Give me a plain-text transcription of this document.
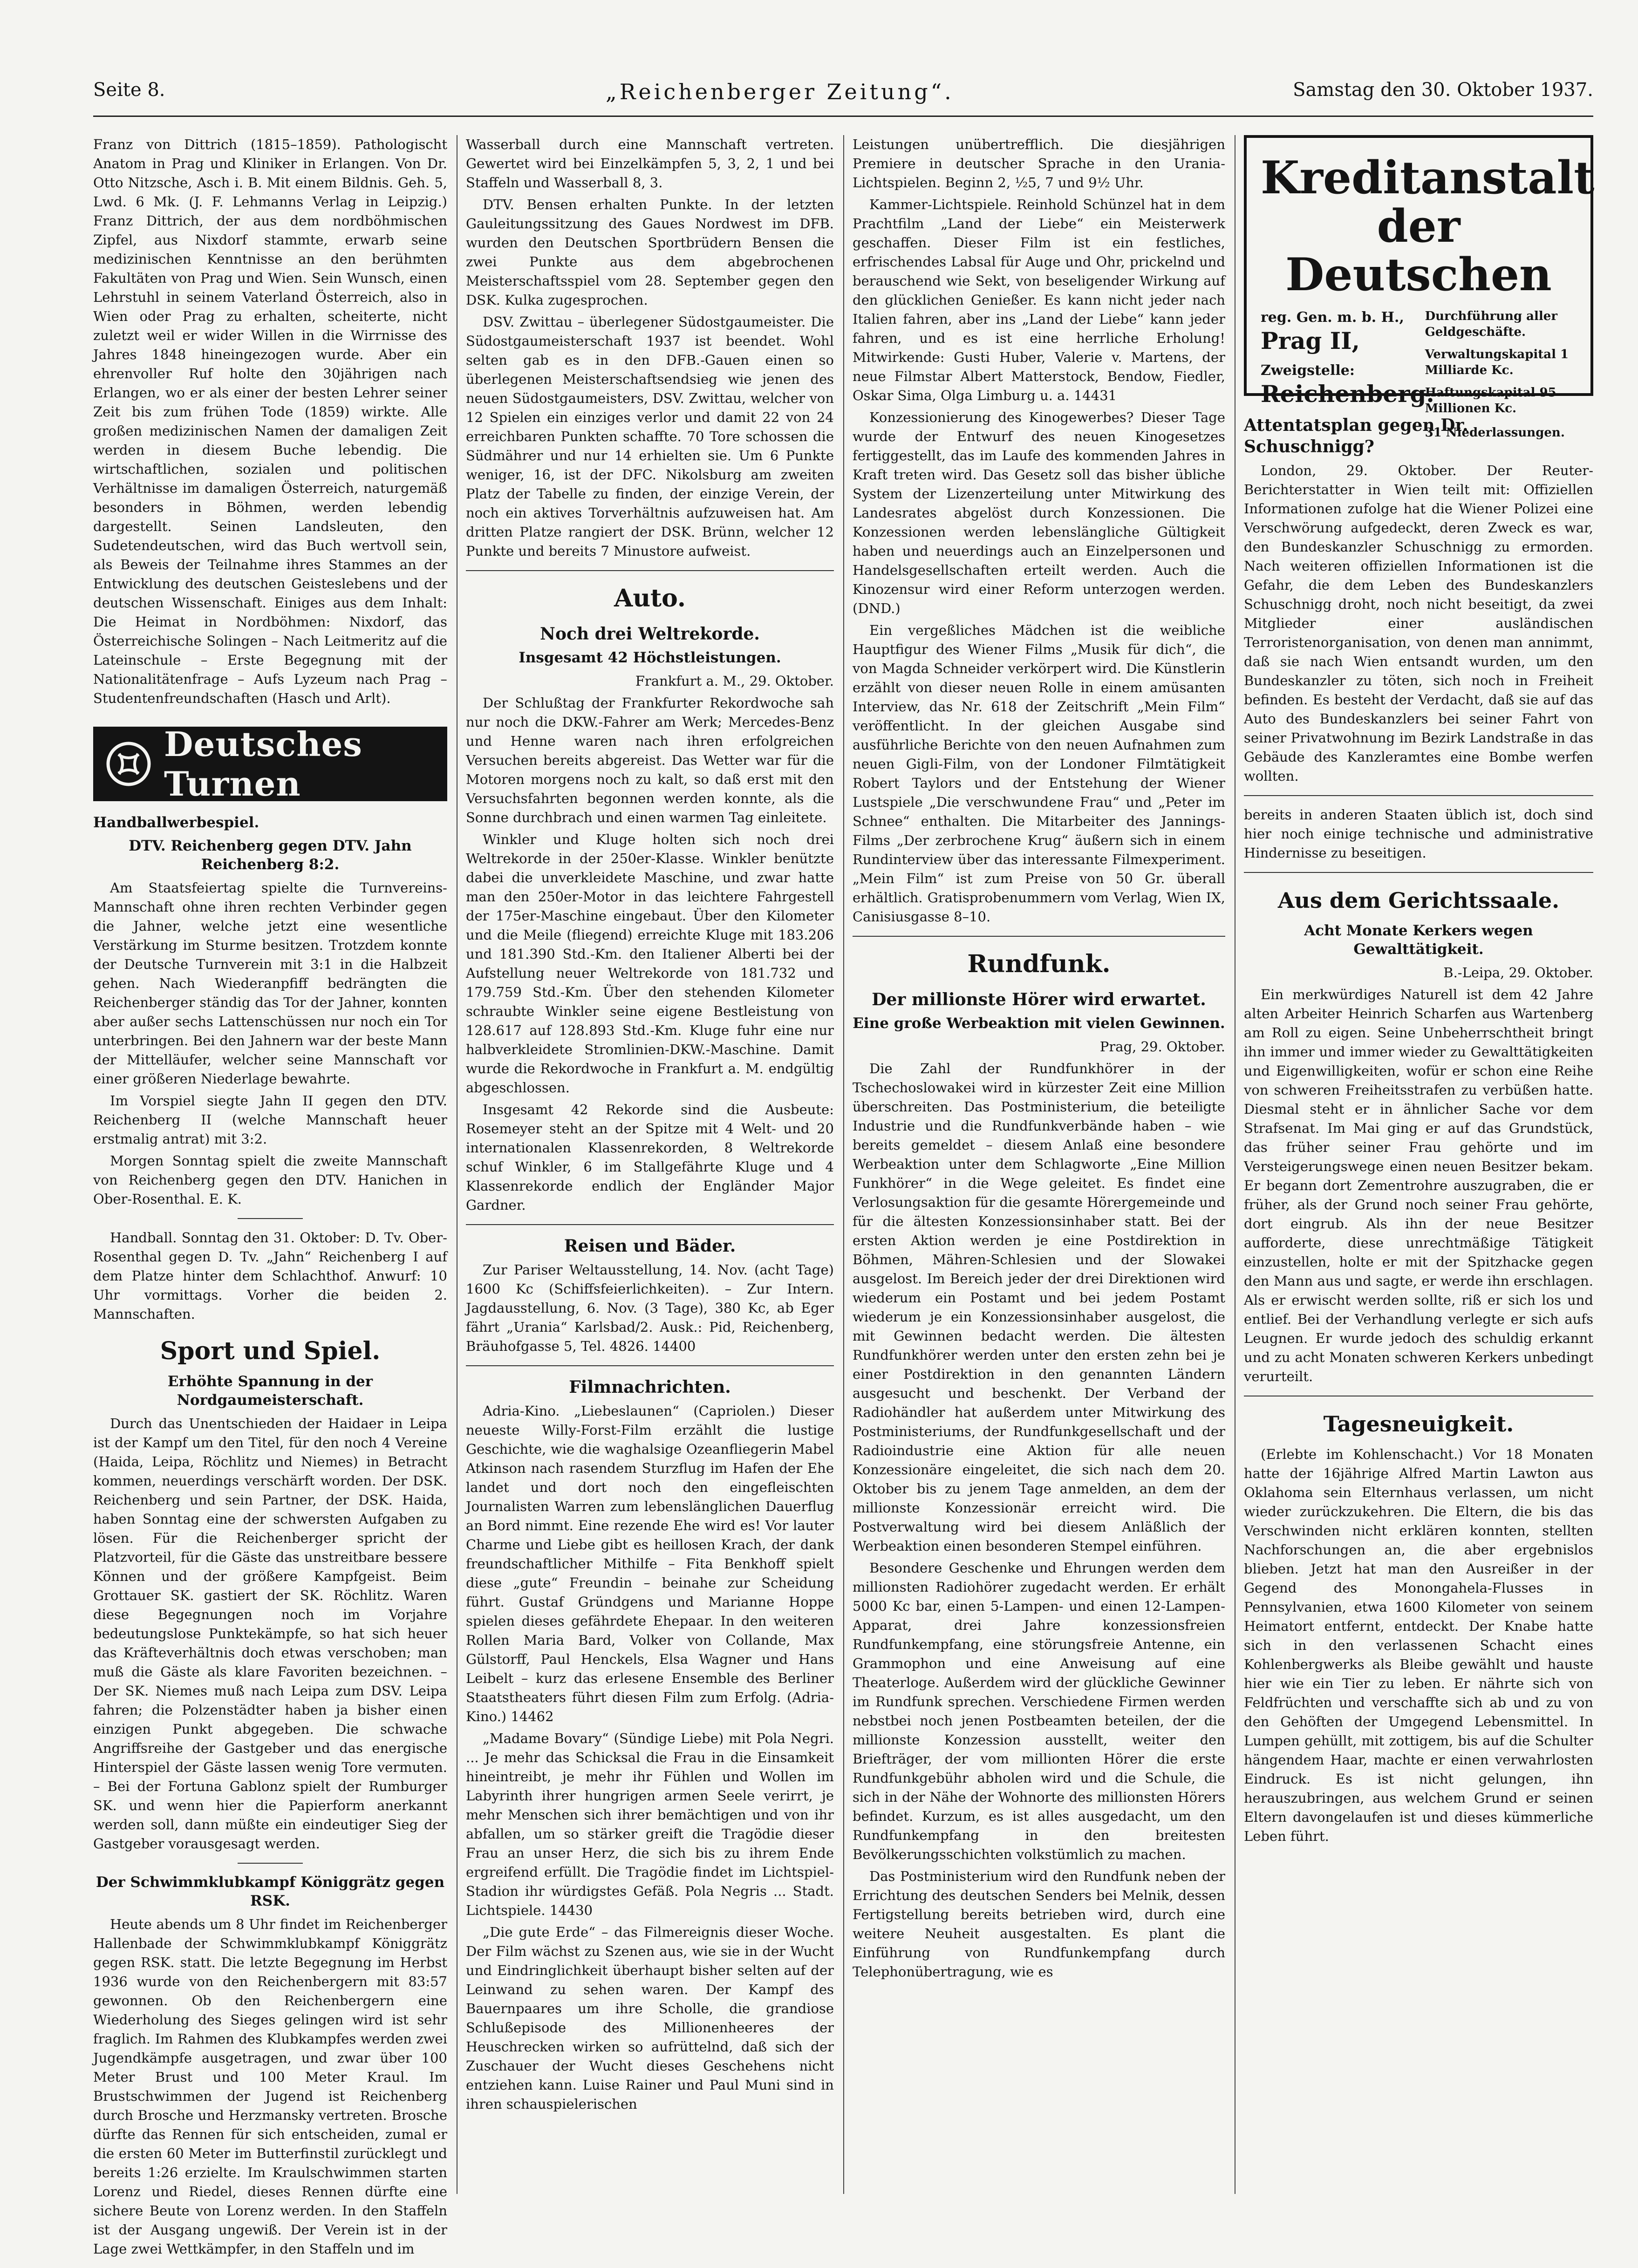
Seite 8.	„Reichenberger Zeitung“.	Samstag den 30. Oktober 1937.

Franz von Dittrich (1815–1859). Pathologischt Anatom in Prag und Kliniker in Erlangen. Von Dr. Otto Nitzsche, Asch i. B. Mit einem Bildnis. Geh. 5, Lwd. 6 Mk. (J. F. Lehmanns Verlag in Leipzig.) Franz Dittrich, der aus dem nordböhmischen Zipfel, aus Nixdorf stammte, erwarb seine medizinischen Kenntnisse an den berühmten Fakultäten von Prag und Wien. Sein Wunsch, einen Lehrstuhl in seinem Vaterland Österreich, also in Wien oder Prag zu erhalten, scheiterte, nicht zuletzt weil er wider Willen in die Wirrnisse des Jahres 1848 hineingezogen wurde. Aber ein ehrenvoller Ruf holte den 30jährigen nach Erlangen, wo er als einer der besten Lehrer seiner Zeit bis zum frühen Tode (1859) wirkte. Alle großen medizinischen Namen der damaligen Zeit werden in diesem Buche lebendig. Die wirtschaftlichen, sozialen und politischen Verhältnisse im damaligen Österreich, naturgemäß besonders in Böhmen, werden lebendig dargestellt. Seinen Landsleuten, den Sudetendeutschen, wird das Buch wertvoll sein, als Beweis der Teilnahme ihres Stammes an der Entwicklung des deutschen Geisteslebens und der deutschen Wissenschaft. Einiges aus dem Inhalt: Die Heimat in Nordböhmen: Nixdorf, das Österreichische Solingen – Nach Leitmeritz auf die Lateinschule – Erste Begegnung mit der Nationalitätenfrage – Aufs Lyzeum nach Prag – Studentenfreundschaften (Hasch und Arlt).

Deutsches Turnen
Handballwerbespiel.
DTV. Reichenberg gegen DTV. Jahn Reichenberg 8:2.

Am Staatsfeiertag spielte die Turnvereins-Mannschaft ohne ihren rechten Verbinder gegen die Jahner, welche jetzt eine wesentliche Verstärkung im Sturme besitzen. Trotzdem konnte der Deutsche Turnverein mit 3:1 in die Halbzeit gehen. Nach Wiederanpfiff bedrängten die Reichenberger ständig das Tor der Jahner, konnten aber außer sechs Lattenschüssen nur noch ein Tor unterbringen. Bei den Jahnern war der beste Mann der Mittelläufer, welcher seine Mannschaft vor einer größeren Niederlage bewahrte.

Im Vorspiel siegte Jahn II gegen den DTV. Reichenberg II (welche Mannschaft heuer erstmalig antrat) mit 3:2.

Morgen Sonntag spielt die zweite Mannschaft von Reichenberg gegen den DTV. Hanichen in Ober-Rosenthal. E. K.

Handball. Sonntag den 31. Oktober: D. Tv. Ober-Rosenthal gegen D. Tv. „Jahn“ Reichenberg I auf dem Platze hinter dem Schlachthof. Anwurf: 10 Uhr vormittags. Vorher die beiden 2. Mannschaften.

Sport und Spiel.
Erhöhte Spannung in der Nordgaumeisterschaft.

Durch das Unentschieden der Haidaer in Leipa ist der Kampf um den Titel, für den noch 4 Vereine (Haida, Leipa, Röchlitz und Niemes) in Betracht kommen, neuerdings verschärft worden. Der DSK. Reichenberg und sein Partner, der DSK. Haida, haben Sonntag eine der schwersten Aufgaben zu lösen. Für die Reichenberger spricht der Platzvorteil, für die Gäste das unstreitbare bessere Können und der größere Kampfgeist. Beim Grottauer SK. gastiert der SK. Röchlitz. Waren diese Begegnungen noch im Vorjahre bedeutungslose Punktekämpfe, so hat sich heuer das Kräfteverhältnis doch etwas verschoben; man muß die Gäste als klare Favoriten bezeichnen. – Der SK. Niemes muß nach Leipa zum DSV. Leipa fahren; die Polzenstädter haben ja bisher einen einzigen Punkt abgegeben. Die schwache Angriffsreihe der Gastgeber und das energische Hinterspiel der Gäste lassen wenig Tore vermuten. – Bei der Fortuna Gablonz spielt der Rumburger SK. und wenn hier die Papierform anerkannt werden soll, dann müßte ein eindeutiger Sieg der Gastgeber vorausgesagt werden.

Der Schwimmklubkampf Königgrätz gegen RSK.

Heute abends um 8 Uhr findet im Reichenberger Hallenbade der Schwimmklubkampf Königgrätz gegen RSK. statt. Die letzte Begegnung im Herbst 1936 wurde von den Reichenbergern mit 83:57 gewonnen. Ob den Reichenbergern eine Wiederholung des Sieges gelingen wird ist sehr fraglich. Im Rahmen des Klubkampfes werden zwei Jugendkämpfe ausgetragen, und zwar über 100 Meter Brust und 100 Meter Kraul. Im Brustschwimmen der Jugend ist Reichenberg durch Brosche und Herzmansky vertreten. Brosche dürfte das Rennen für sich entscheiden, zumal er die ersten 60 Meter im Butterfinstil zurücklegt und bereits 1:26 erzielte. Im Kraulschwimmen starten Lorenz und Riedel, dieses Rennen dürfte eine sichere Beute von Lorenz werden. In den Staffeln ist der Ausgang ungewiß. Der Verein ist in der Lage zwei Wettkämpfer, in den Staffeln und im

Wasserball durch eine Mannschaft vertreten. Gewertet wird bei Einzelkämpfen 5, 3, 2, 1 und bei Staffeln und Wasserball 8, 3.

DTV. Bensen erhalten Punkte. In der letzten Gauleitungssitzung des Gaues Nordwest im DFB. wurden den Deutschen Sportbrüdern Bensen die zwei Punkte aus dem abgebrochenen Meisterschaftsspiel vom 28. September gegen den DSK. Kulka zugesprochen.

DSV. Zwittau – überlegener Südostgaumeister. Die Südostgaumeisterschaft 1937 ist beendet. Wohl selten gab es in den DFB.-Gauen einen so überlegenen Meisterschaftsendsieg wie jenen des neuen Südostgaumeisters, DSV. Zwittau, welcher von 12 Spielen ein einziges verlor und damit 22 von 24 erreichbaren Punkten schaffte. 70 Tore schossen die Südmährer und nur 14 erhielten sie. Um 6 Punkte weniger, 16, ist der DFC. Nikolsburg am zweiten Platz der Tabelle zu finden, der einzige Verein, der noch ein aktives Torverhältnis aufzuweisen hat. Am dritten Platze rangiert der DSK. Brünn, welcher 12 Punkte und bereits 7 Minustore aufweist.

Auto.
Noch drei Weltrekorde.
Insgesamt 42 Höchstleistungen.

Frankfurt a. M., 29. Oktober.

Der Schlußtag der Frankfurter Rekordwoche sah nur noch die DKW.-Fahrer am Werk; Mercedes-Benz und Henne waren nach ihren erfolgreichen Versuchen bereits abgereist. Das Wetter war für die Motoren morgens noch zu kalt, so daß erst mit den Versuchsfahrten begonnen werden konnte, als die Sonne durchbrach und einen warmen Tag einleitete.

Winkler und Kluge holten sich noch drei Weltrekorde in der 250er-Klasse. Winkler benützte dabei die unverkleidete Maschine, und zwar hatte man den 250er-Motor in das leichtere Fahrgestell der 175er-Maschine eingebaut. Über den Kilometer und die Meile (fliegend) erreichte Kluge mit 183.206 und 181.390 Std.-Km. den Italiener Alberti bei der Aufstellung neuer Weltrekorde von 181.732 und 179.759 Std.-Km. Über den stehenden Kilometer schraubte Winkler seine eigene Bestleistung von 128.617 auf 128.893 Std.-Km. Kluge fuhr eine nur halbverkleidete Stromlinien-DKW.-Maschine. Damit wurde die Rekordwoche in Frankfurt a. M. endgültig abgeschlossen.

Insgesamt 42 Rekorde sind die Ausbeute: Rosemeyer steht an der Spitze mit 4 Welt- und 20 internationalen Klassenrekorden, 8 Weltrekorde schuf Winkler, 6 im Stallgefährte Kluge und 4 Klassenrekorde endlich der Engländer Major Gardner.

Reisen und Bäder.

Zur Pariser Weltausstellung, 14. Nov. (acht Tage) 1600 Kc (Schiffsfeierlichkeiten). – Zur Intern. Jagdausstellung, 6. Nov. (3 Tage), 380 Kc, ab Eger fährt „Urania“ Karlsbad/2. Ausk.: Pid, Reichenberg, Bräuhofgasse 5, Tel. 4826. 14400

Filmnachrichten.

Adria-Kino. „Liebeslaunen“ (Capriolen.) Dieser neueste Willy-Forst-Film erzählt die lustige Geschichte, wie die waghalsige Ozeanfliegerin Mabel Atkinson nach rasendem Sturzflug im Hafen der Ehe landet und dort noch den eingefleischten Journalisten Warren zum lebenslänglichen Dauerflug an Bord nimmt. Eine rezende Ehe wird es! Vor lauter Charme und Liebe gibt es heillosen Krach, der dank freundschaftlicher Mithilfe – Fita Benkhoff spielt diese „gute“ Freundin – beinahe zur Scheidung führt. Gustaf Gründgens und Marianne Hoppe spielen dieses gefährdete Ehepaar. In den weiteren Rollen Maria Bard, Volker von Collande, Max Gülstorff, Paul Henckels, Elsa Wagner und Hans Leibelt – kurz das erlesene Ensemble des Berliner Staatstheaters führt diesen Film zum Erfolg. (Adria-Kino.) 14462

„Madame Bovary“ (Sündige Liebe) mit Pola Negri. ... Je mehr das Schicksal die Frau in die Einsamkeit hineintreibt, je mehr ihr Fühlen und Wollen im Labyrinth ihrer hungrigen armen Seele verirrt, je mehr Menschen sich ihrer bemächtigen und von ihr abfallen, um so stärker greift die Tragödie dieser Frau an unser Herz, die sich bis zu ihrem Ende ergreifend erfüllt. Die Tragödie findet im Lichtspiel-Stadion ihr würdigstes Gefäß. Pola Negris ... Stadt. Lichtspiele. 14430

„Die gute Erde“ – das Filmereignis dieser Woche. Der Film wächst zu Szenen aus, wie sie in der Wucht und Eindringlichkeit überhaupt bisher selten auf der Leinwand zu sehen waren. Der Kampf des Bauernpaares um ihre Scholle, die grandiose Schlußepisode des Millionenheeres der Heuschrecken wirken so aufrüttelnd, daß sich der Zuschauer der Wucht dieses Geschehens nicht entziehen kann. Luise Rainer und Paul Muni sind in ihren schauspielerischen

Leistungen unübertrefflich. Die diesjährigen Premiere in deutscher Sprache in den Urania-Lichtspielen. Beginn 2, ½5, 7 und 9½ Uhr.

Kammer-Lichtspiele. Reinhold Schünzel hat in dem Prachtfilm „Land der Liebe“ ein Meisterwerk geschaffen. Dieser Film ist ein festliches, erfrischendes Labsal für Auge und Ohr, prickelnd und berauschend wie Sekt, von beseligender Wirkung auf den glücklichen Genießer. Es kann nicht jeder nach Italien fahren, aber ins „Land der Liebe“ kann jeder fahren, und es ist eine herrliche Erholung! Mitwirkende: Gusti Huber, Valerie v. Martens, der neue Filmstar Albert Matterstock, Bendow, Fiedler, Oskar Sima, Olga Limburg u. a. 14431

Konzessionierung des Kinogewerbes? Dieser Tage wurde der Entwurf des neuen Kinogesetzes fertiggestellt, das im Laufe des kommenden Jahres in Kraft treten wird. Das Gesetz soll das bisher übliche System der Lizenzerteilung unter Mitwirkung des Landesrates abgelöst durch Konzessionen. Die Konzessionen werden lebenslängliche Gültigkeit haben und neuerdings auch an Einzelpersonen und Handelsgesellschaften erteilt werden. Auch die Kinozensur wird einer Reform unterzogen werden. (DND.)

Ein vergeßliches Mädchen ist die weibliche Hauptfigur des Wiener Films „Musik für dich“, die von Magda Schneider verkörpert wird. Die Künstlerin erzählt von dieser neuen Rolle in einem amüsanten Interview, das Nr. 618 der Zeitschrift „Mein Film“ veröffentlicht. In der gleichen Ausgabe sind ausführliche Berichte von den neuen Aufnahmen zum neuen Gigli-Film, von der Londoner Filmtätigkeit Robert Taylors und der Entstehung der Wiener Lustspiele „Die verschwundene Frau“ und „Peter im Schnee“ enthalten. Die Mitarbeiter des Jannings-Films „Der zerbrochene Krug“ äußern sich in einem Rundinterview über das interessante Filmexperiment. „Mein Film“ ist zum Preise von 50 Gr. überall erhältlich. Gratisprobenummern vom Verlag, Wien IX, Canisiusgasse 8–10.

Rundfunk.
Der millionste Hörer wird erwartet.
Eine große Werbeaktion mit vielen Gewinnen.

Prag, 29. Oktober.

Die Zahl der Rundfunkhörer in der Tschechoslowakei wird in kürzester Zeit eine Million überschreiten. Das Postministerium, die beteiligte Industrie und die Rundfunkverbände haben – wie bereits gemeldet – diesem Anlaß eine besondere Werbeaktion unter dem Schlagworte „Eine Million Funkhörer“ in die Wege geleitet. Es findet eine Verlosungsaktion für die gesamte Hörergemeinde und für die ältesten Konzessionsinhaber statt. Bei der ersten Aktion werden je eine Postdirektion in Böhmen, Mähren-Schlesien und der Slowakei ausgelost. Im Bereich jeder der drei Direktionen wird wiederum ein Postamt und bei jedem Postamt wiederum je ein Konzessionsinhaber ausgelost, die mit Gewinnen bedacht werden. Die ältesten Rundfunkhörer werden unter den ersten zehn bei je einer Postdirektion in den genannten Ländern ausgesucht und beschenkt. Der Verband der Radiohändler hat außerdem unter Mitwirkung des Postministeriums, der Rundfunkgesellschaft und der Radioindustrie eine Aktion für alle neuen Konzessionäre eingeleitet, die sich nach dem 20. Oktober bis zu jenem Tage anmelden, an dem der millionste Konzessionär erreicht wird. Die Postverwaltung wird bei diesem Anläßlich der Werbeaktion einen besonderen Stempel einführen.

Besondere Geschenke und Ehrungen werden dem millionsten Radiohörer zugedacht werden. Er erhält 5000 Kc bar, einen 5-Lampen- und einen 12-Lampen-Apparat, drei Jahre konzessionsfreien Rundfunkempfang, eine störungsfreie Antenne, ein Grammophon und eine Anweisung auf eine Theaterloge. Außerdem wird der glückliche Gewinner im Rundfunk sprechen. Verschiedene Firmen werden nebstbei noch jenen Postbeamten beteilen, der die millionste Konzession ausstellt, weiter den Briefträger, der vom millionten Hörer die erste Rundfunkgebühr abholen wird und die Schule, die sich in der Nähe der Wohnorte des millionsten Hörers befindet. Kurzum, es ist alles ausgedacht, um den Rundfunkempfang in den breitesten Bevölkerungsschichten volkstümlich zu machen.

Das Postministerium wird den Rundfunk neben der Errichtung des deutschen Senders bei Melnik, dessen Fertigstellung bereits betrieben wird, durch eine weitere Neuheit ausgestalten. Es plant die Einführung von Rundfunkempfang durch Telephonübertragung, wie es

Kreditanstalt
der Deutschen
reg. Gen. m. b. H.,
Prag II,
Zweigstelle:
Reichenberg.
Durchführung aller Geldgeschäfte.
Verwaltungskapital 1 Milliarde Kc.
Haftungskapital 95 Millionen Kc.
31 Niederlassungen.
Attentatsplan gegen Dr. Schuschnigg?

London, 29. Oktober. Der Reuter-Berichterstatter in Wien teilt mit: Offiziellen Informationen zufolge hat die Wiener Polizei eine Verschwörung aufgedeckt, deren Zweck es war, den Bundeskanzler Schuschnigg zu ermorden. Nach weiteren offiziellen Informationen ist die Gefahr, die dem Leben des Bundeskanzlers Schuschnigg droht, noch nicht beseitigt, da zwei Mitglieder einer ausländischen Terroristenorganisation, von denen man annimmt, daß sie nach Wien entsandt wurden, um den Bundeskanzler zu töten, sich noch in Freiheit befinden. Es besteht der Verdacht, daß sie auf das Auto des Bundeskanzlers bei seiner Fahrt von seiner Privatwohnung im Bezirk Landstraße in das Gebäude des Kanzleramtes eine Bombe werfen wollten.

bereits in anderen Staaten üblich ist, doch sind hier noch einige technische und administrative Hindernisse zu beseitigen.

Aus dem Gerichtssaale.
Acht Monate Kerkers wegen Gewalttätigkeit.

B.-Leipa, 29. Oktober.

Ein merkwürdiges Naturell ist dem 42 Jahre alten Arbeiter Heinrich Scharfen aus Wartenberg am Roll zu eigen. Seine Unbeherrschtheit bringt ihn immer und immer wieder zu Gewalttätigkeiten und Eigenwilligkeiten, wofür er schon eine Reihe von schweren Freiheitsstrafen zu verbüßen hatte. Diesmal steht er in ähnlicher Sache vor dem Strafsenat. Im Mai ging er auf das Grundstück, das früher seiner Frau gehörte und im Versteigerungswege einen neuen Besitzer bekam. Er begann dort Zementrohre auszugraben, die er früher, als der Grund noch seiner Frau gehörte, dort eingrub. Als ihn der neue Besitzer aufforderte, diese unrechtmäßige Tätigkeit einzustellen, holte er mit der Spitzhacke gegen den Mann aus und sagte, er werde ihn erschlagen. Als er erwischt werden sollte, riß er sich los und entlief. Bei der Verhandlung verlegte er sich aufs Leugnen. Er wurde jedoch des schuldig erkannt und zu acht Monaten schweren Kerkers unbedingt verurteilt.

Tagesneuigkeit.

(Erlebte im Kohlenschacht.) Vor 18 Monaten hatte der 16jährige Alfred Martin Lawton aus Oklahoma sein Elternhaus verlassen, um nicht wieder zurückzukehren. Die Eltern, die bis das Verschwinden nicht erklären konnten, stellten Nachforschungen an, die aber ergebnislos blieben. Jetzt hat man den Ausreißer in der Gegend des Monongahela-Flusses in Pennsylvanien, etwa 1600 Kilometer von seinem Heimatort entfernt, entdeckt. Der Knabe hatte sich in den verlassenen Schacht eines Kohlenbergwerks als Bleibe gewählt und hauste hier wie ein Tier zu leben. Er nährte sich von Feldfrüchten und verschaffte sich ab und zu von den Gehöften der Umgegend Lebensmittel. In Lumpen gehüllt, mit zottigem, bis auf die Schulter hängendem Haar, machte er einen verwahrlosten Eindruck. Es ist nicht gelungen, ihn herauszubringen, aus welchem Grund er seinen Eltern davongelaufen ist und dieses kümmerliche Leben führt.
